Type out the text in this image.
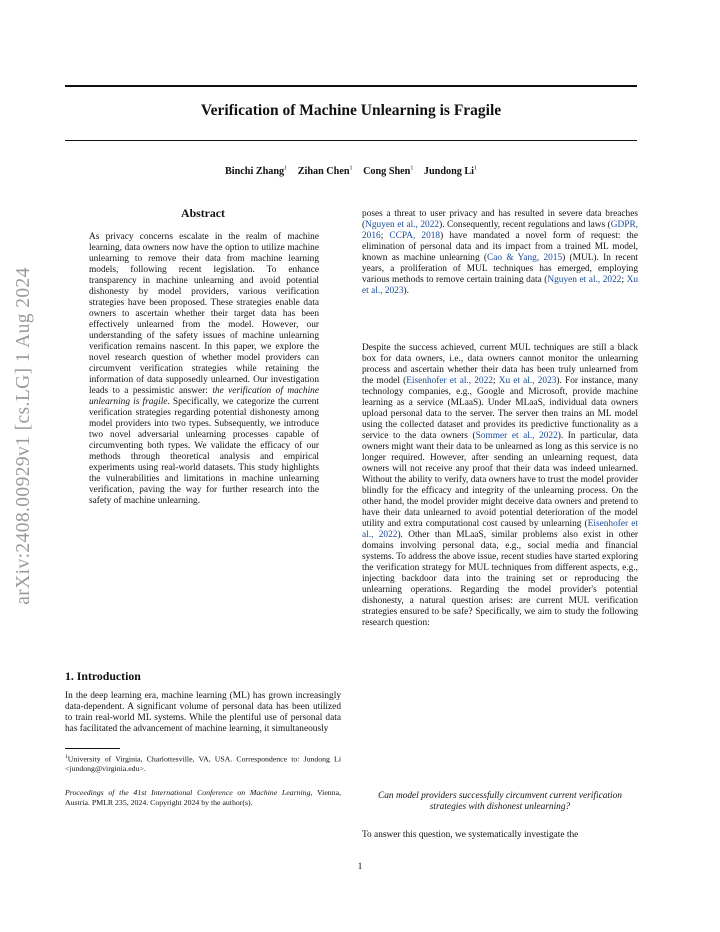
arXiv:2408.00929v1 [cs.LG] 1 Aug 2024
Verification of Machine Unlearning is Fragile
Binchi Zhang$^1$ Zihan Chen$^1$ Cong Shen$^1$ Jundong Li$^1$
Abstract

As privacy concerns escalate in the realm of machine learning, data owners now have the option to utilize machine unlearning to remove their data from machine learning models, following recent legislation. To enhance transparency in machine unlearning and avoid potential dishonesty by model providers, various verification strategies have been proposed. These strategies enable data owners to ascertain whether their target data has been effectively unlearned from the model. However, our understanding of the safety issues of machine unlearning verification remains nascent. In this paper, we explore the novel research question of whether model providers can circumvent verification strategies while retaining the information of data supposedly unlearned. Our investigation leads to a pessimistic answer: the verification of machine unlearning is fragile. Specifically, we categorize the current verification strategies regarding potential dishonesty among model providers into two types. Subsequently, we introduce two novel adversarial unlearning processes capable of circumventing both types. We validate the efficacy of our methods through theoretical analysis and empirical experiments using real-world datasets. This study highlights the vulnerabilities and limitations in machine unlearning verification, paving the way for further research into the safety of machine unlearning.

1. Introduction

In the deep learning era, machine learning (ML) has grown increasingly data-dependent. A significant volume of personal data has been utilized to train real-world ML systems. While the plentiful use of personal data has facilitated the advancement of machine learning, it simultaneously

$^1$University of Virginia, Charlottesville, VA, USA. Correspondence to: Jundong Li <jundong@virginia.edu>.

Proceedings of the 41st International Conference on Machine Learning, Vienna, Austria. PMLR 235, 2024. Copyright 2024 by the author(s).

poses a threat to user privacy and has resulted in severe data breaches (Nguyen et al., 2022). Consequently, recent regulations and laws (GDPR, 2016; CCPA, 2018) have mandated a novel form of request: the elimination of personal data and its impact from a trained ML model, known as machine unlearning (Cao & Yang, 2015) (MUL). In recent years, a proliferation of MUL techniques has emerged, employing various methods to remove certain training data (Nguyen et al., 2022; Xu et al., 2023).

Despite the success achieved, current MUL techniques are still a black box for data owners, i.e., data owners cannot monitor the unlearning process and ascertain whether their data has been truly unlearned from the model (Eisenhofer et al., 2022; Xu et al., 2023). For instance, many technology companies, e.g., Google and Microsoft, provide machine learning as a service (MLaaS). Under MLaaS, individual data owners upload personal data to the server. The server then trains an ML model using the collected dataset and provides its predictive functionality as a service to the data owners (Sommer et al., 2022). In particular, data owners might want their data to be unlearned as long as this service is no longer required. However, after sending an unlearning request, data owners will not receive any proof that their data was indeed unlearned. Without the ability to verify, data owners have to trust the model provider blindly for the efficacy and integrity of the unlearning process. On the other hand, the model provider might deceive data owners and pretend to have their data unlearned to avoid potential deterioration of the model utility and extra computational cost caused by unlearning (Eisenhofer et al., 2022). Other than MLaaS, similar problems also exist in other domains involving personal data, e.g., social media and financial systems. To address the above issue, recent studies have started exploring the verification strategy for MUL techniques from different aspects, e.g., injecting backdoor data into the training set or reproducing the unlearning operations. Regarding the model provider's potential dishonesty, a natural question arises: are current MUL verification strategies ensured to be safe? Specifically, we aim to study the following research question:

Can model providers successfully circumvent current verification strategies with dishonest unlearning?

To answer this question, we systematically investigate the

1
